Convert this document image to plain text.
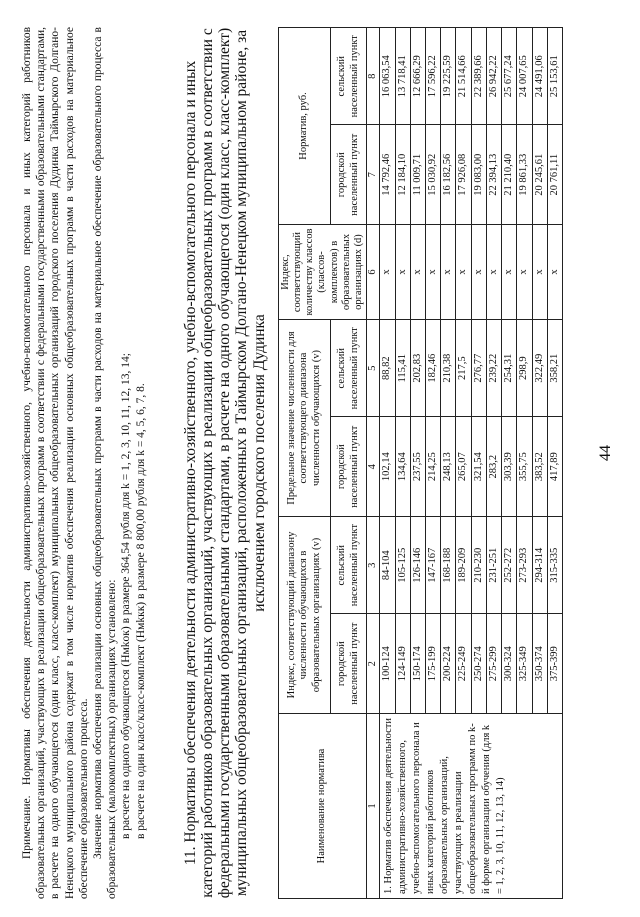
44

Примечание. Нормативы обеспечения деятельности административно-хозяйственного, учебно-вспомогательного персонала и иных категорий работников образовательных организаций, участвующих в реализации общеобразовательных программ в соответствии с федеральными государственными образовательными стандартами, в расчете на одного обучающегося (один класс, класс-комплект) муниципальных общеобразовательных организаций городского поселения Дудинка Таймырского Долгано-Ненецкого муниципального района содержат в том числе норматив обеспечения реализации основных общеобразовательных программ в части расходов на материальное обеспечение образовательного процесса. Значение норматива обеспечения реализации основных общеобразовательных программ в части расходов на материальное обеспечение образовательного процесса в образовательных (малокомплектных) организациях установлено: в расчете на одного обучающегося (Нмkок) в размере 364,54 рубля для k = 1, 2, 3, 10, 11, 12, 13, 14; в расчете на один класс/класс-комплект (Нмkкк) в размере 8 800,00 рубля для k = 4, 5, 6, 7, 8. 11. Нормативы обеспечения деятельности административно-хозяйственного, учебно-вспомогательного персонала и иных категорий работников образовательных организаций, участвующих в реализации общеобразовательных программ в соответствии с федеральными государственными образовательными стандартами, в расчете на одного обучающегося (один класс, класс-комплект) муниципальных общеобразовательных организаций, расположенных в Таймырском Долгано-Ненецком муниципальном районе, за исключением городского поселения Дудинка
Наименование норматива	Индекс, соответствующий диапазону численности обучающихся в образовательных организациях (v)		Предельное значение численности для соответствующего диапазона численности обучающихся (v)		Индекс, соответствующий количеству классов (классов-комплектов) в образовательных организациях (d)	Норматив, руб.	
	городской населенный пункт	сельский населенный пункт	городской населенный пункт	сельский населенный пункт		городской населенный пункт	сельский населенный пункт
1	2	3	4	5	6	7	8
1. Норматив обеспечения деятельности административно-хозяйственного, учебно-вспомогательного персонала и иных категорий работников образовательных организаций, участвующих в реализации общеобразовательных программ по k-й форме организации обучения (для k = 1, 2, 3, 10, 11, 12, 13, 14)	100-124	84-104	102,14	88,82	x	14 792,46	16 063,54
	124-149	105-125	134,64	115,41	x	12 184,10	13 718,41
	150-174	126-146	237,55	202,83	x	11 009,71	12 666,29
	175-199	147-167	214,25	182,46	x	15 030,92	17 596,22
	200-224	168-188	248,13	210,38	x	16 182,56	19 225,59
	225-249	189-209	265,07	217,5	x	17 926,08	21 514,66
	250-274	210-230	321,54	276,77	x	19 083,00	22 389,66
	275-299	231-251	283,2	239,22	x	22 394,13	26 942,22
	300-324	252-272	303,39	254,31	x	21 210,40	25 677,24
	325-349	273-293	355,75	298,9	x	19 861,33	24 007,65
	350-374	294-314	383,52	322,49	x	20 245,61	24 491,06
	375-399	315-335	417,89	358,21	x	20 761,11	25 153,61
